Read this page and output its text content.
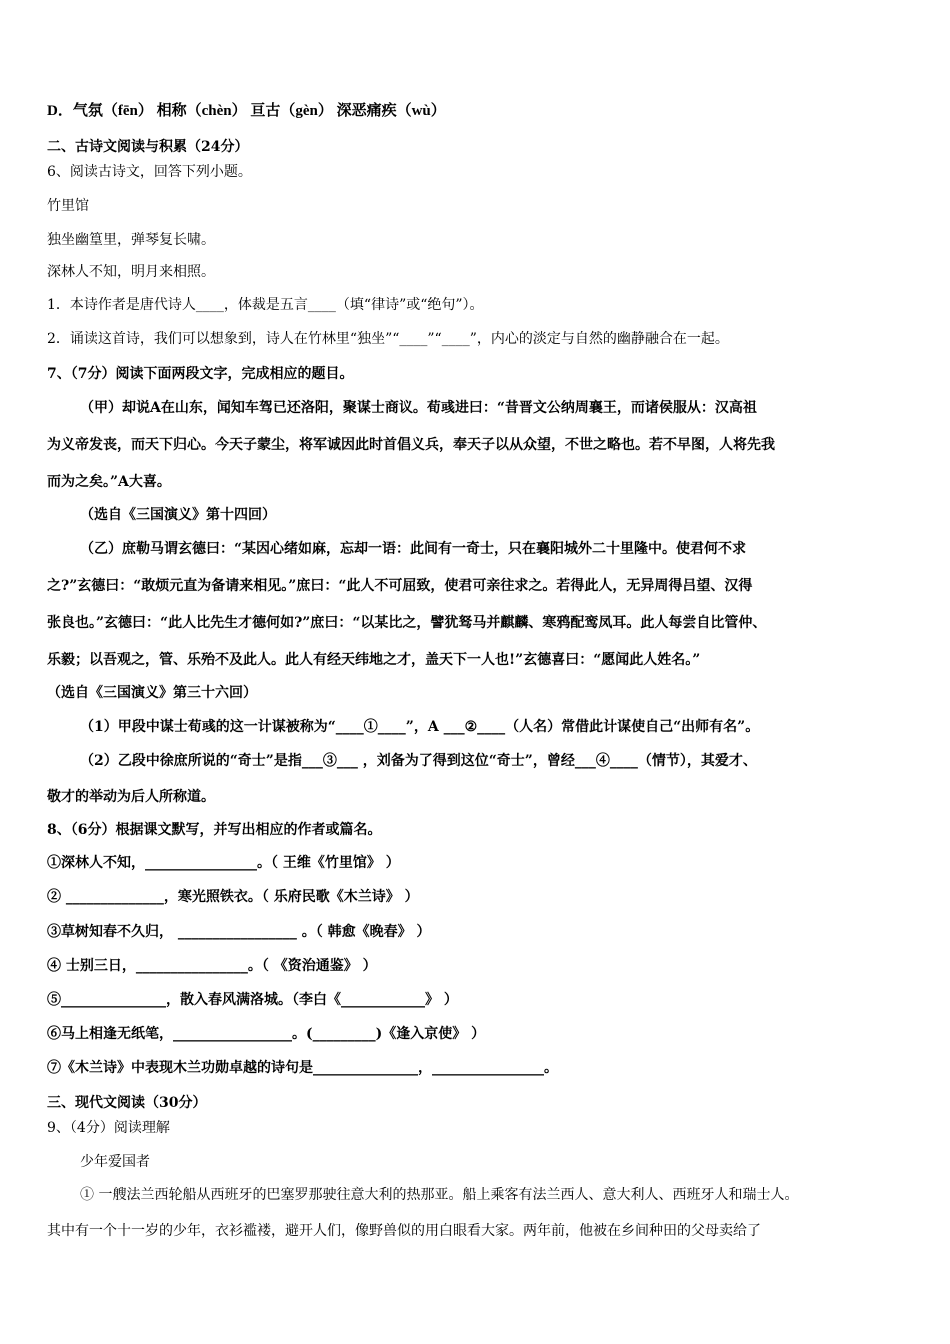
D．气氛（fēn） 相称（chèn） 亘古（gèn） 深恶痛疾（wù）
二、古诗文阅读与积累（24分）
6、阅读古诗文，回答下列小题。
竹里馆
独坐幽篁里，弹琴复长啸。
深林人不知，明月来相照。
1．本诗作者是唐代诗人____，体裁是五言____（填“律诗”或“绝句”）。
2．诵读这首诗，我们可以想象到，诗人在竹林里“独坐”“____”“____”，内心的淡定与自然的幽静融合在一起。
7、（7分）阅读下面两段文字，完成相应的题目。
（甲）却说A在山东，闻知车驾已还洛阳，聚谋士商议。荀彧进曰：“昔晋文公纳周襄王，而诸侯服从：汉高祖
为义帝发丧，而天下归心。今天子蒙尘，将军诚因此时首倡义兵，奉天子以从众望，不世之略也。若不早图，人将先我
而为之矣。”A大喜。
（选自《三国演义》第十四回）
（乙）庶勒马谓玄德曰：“某因心绪如麻，忘却一语：此间有一奇士，只在襄阳城外二十里隆中。使君何不求
之?”玄德曰：“敢烦元直为备请来相见。”庶曰：“此人不可屈致，使君可亲往求之。若得此人，无异周得吕望、汉得
张良也。”玄德曰：“此人比先生才德何如?”庶曰：“以某比之，譬犹驽马并麒麟、寒鸦配鸾凤耳。此人每尝自比管仲、
乐毅；以吾观之，管、乐殆不及此人。此人有经天纬地之才，盖天下一人也!”玄德喜曰：“愿闻此人姓名。”
（选自《三国演义》第三十六回）
（1）甲段中谋士荀彧的这一计谋被称为“____①____”，A ___②____（人名）常借此计谋使自己“出师有名”。
（2）乙段中徐庶所说的“奇士”是指___③___ ，刘备为了得到这位“奇士”，曾经___④____（情节），其爱才、
敬才的举动为后人所称道。
8、（6分）根据课文默写，并写出相应的作者或篇名。
①深林人不知，________________。（ 王维《竹里馆》 ）
② ______________，寒光照铁衣。（ 乐府民歌《木兰诗》 ）
③草树知春不久归， _________________ 。（ 韩愈《晚春》 ）
④ 士别三日，________________。（ 《资治通鉴》 ）
⑤_______________，散入春风满洛城。（李白《____________》 ）
⑥马上相逢无纸笔，_________________。(_________)《逢入京使》 ）
⑦《木兰诗》中表现木兰功勋卓越的诗句是_______________，________________。
三、现代文阅读（30分）
9、（4分）阅读理解
少年爱国者
① 一艘法兰西轮船从西班牙的巴塞罗那驶往意大利的热那亚。船上乘客有法兰西人、意大利人、西班牙人和瑞士人。
其中有一个十一岁的少年，衣衫褴褛，避开人们，像野兽似的用白眼看大家。两年前，他被在乡间种田的父母卖给了
